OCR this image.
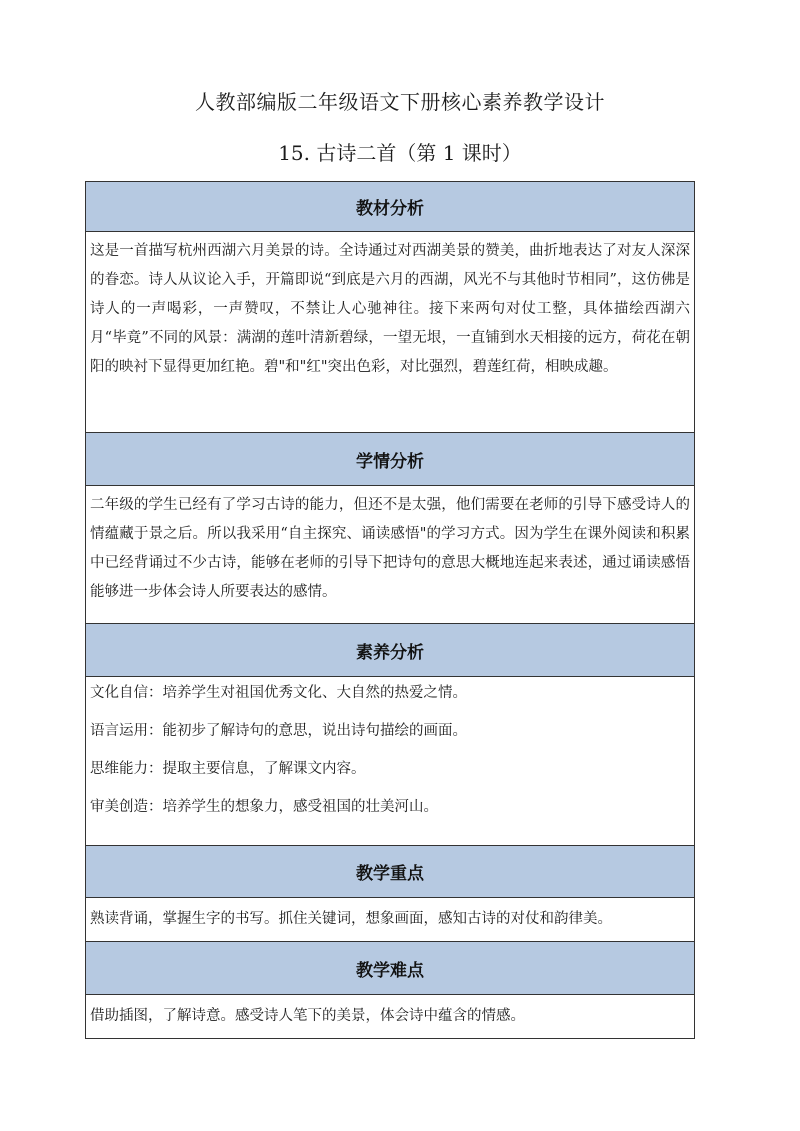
人教部编版二年级语文下册核心素养教学设计
15. 古诗二首（第 1 课时）
教材分析

这是一首描写杭州西湖六月美景的诗。全诗通过对西湖美景的赞美，曲折地表达了对友人深深的眷恋。诗人从议论入手，开篇即说“到底是六月的西湖，风光不与其他时节相同”，这仿佛是诗人的一声喝彩，一声赞叹，不禁让人心驰神往。接下来两句对仗工整，具体描绘西湖六月“毕竟”不同的风景：满湖的莲叶清新碧绿，一望无垠，一直铺到水天相接的远方，荷花在朝阳的映衬下显得更加红艳。碧"和"红"突出色彩，对比强烈，碧莲红荷，相映成趣。

学情分析

二年级的学生已经有了学习古诗的能力，但还不是太强，他们需要在老师的引导下感受诗人的情蕴藏于景之后。所以我采用“自主探究、诵读感悟"的学习方式。因为学生在课外阅读和积累中已经背诵过不少古诗，能够在老师的引导下把诗句的意思大概地连起来表述，通过诵读感悟能够进一步体会诗人所要表达的感情。

素养分析

文化自信：培养学生对祖国优秀文化、大自然的热爱之情。

语言运用：能初步了解诗句的意思，说出诗句描绘的画面。

思维能力：提取主要信息，了解课文内容。

审美创造：培养学生的想象力，感受祖国的壮美河山。

教学重点

熟读背诵，掌握生字的书写。抓住关键词，想象画面，感知古诗的对仗和韵律美。

教学难点

借助插图，了解诗意。感受诗人笔下的美景，体会诗中蕴含的情感。
